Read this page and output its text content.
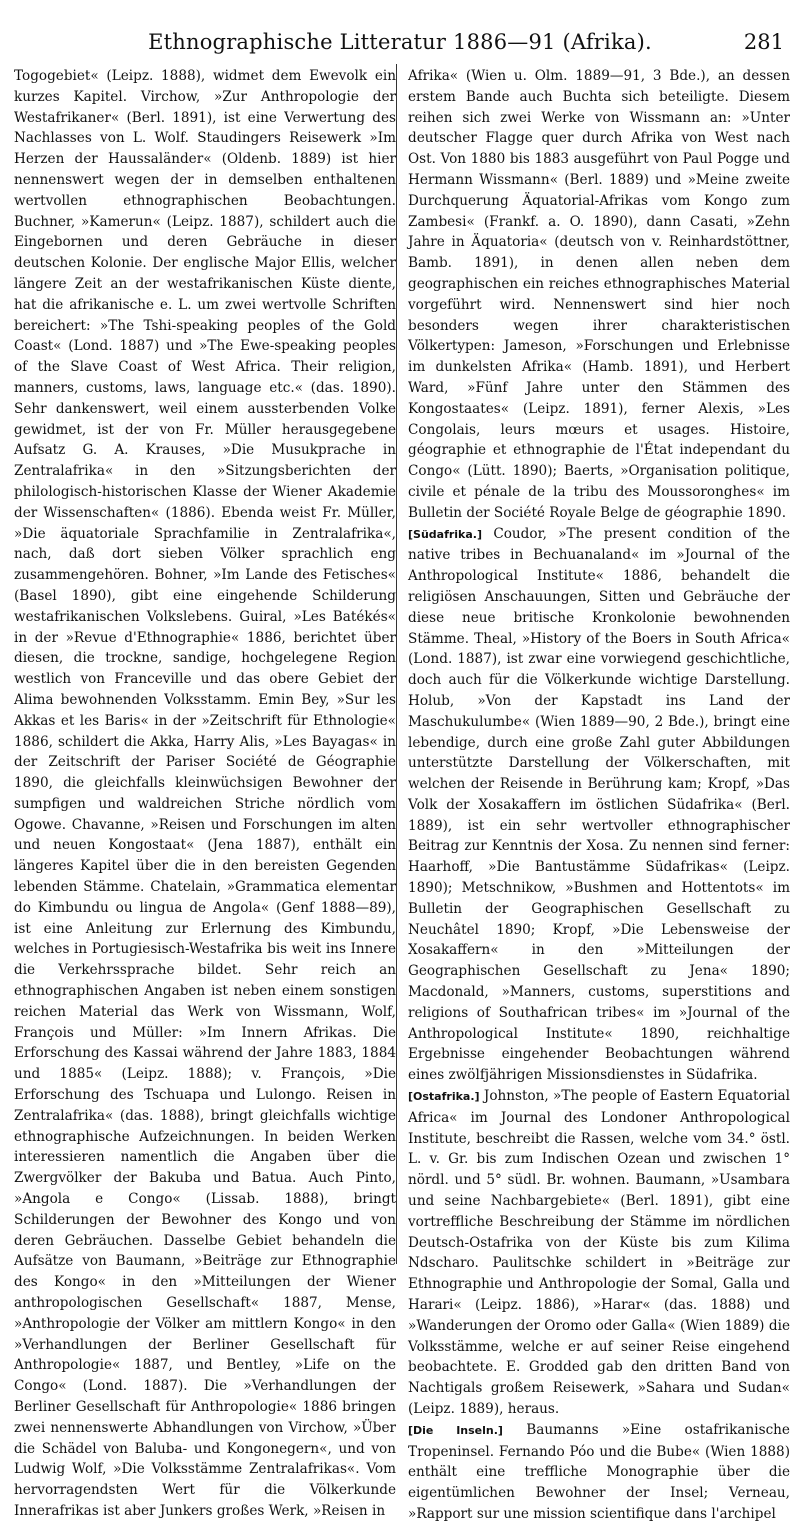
Ethnographische Litteratur 1886—91 (Afrika).	281

Togogebiet« (Leipz. 1888), widmet dem Ewevolk ein kurzes Kapitel. Virchow, »Zur Anthropologie der Westafrikaner« (Berl. 1891), ist eine Verwertung des Nachlasses von L. Wolf. Staudingers Reisewerk »Im Herzen der Haussaländer« (Oldenb. 1889) ist hier nennenswert wegen der in demselben enthaltenen wertvollen ethnographischen Beobachtungen. Buchner, »Kamerun« (Leipz. 1887), schildert auch die Eingebornen und deren Gebräuche in dieser deutschen Kolonie. Der englische Major Ellis, welcher längere Zeit an der westafrikanischen Küste diente, hat die afrikanische e. L. um zwei wertvolle Schriften bereichert: »The Tshi-speaking peoples of the Gold Coast« (Lond. 1887) und »The Ewe-speaking peoples of the Slave Coast of West Africa. Their religion, manners, customs, laws, language etc.« (das. 1890). Sehr dankenswert, weil einem aussterbenden Volke gewidmet, ist der von Fr. Müller herausgegebene Aufsatz G. A. Krauses, »Die Musukprache in Zentralafrika« in den »Sitzungsberichten der philologisch-historischen Klasse der Wiener Akademie der Wissenschaften« (1886). Ebenda weist Fr. Müller, »Die äquatoriale Sprachfamilie in Zentralafrika«, nach, daß dort sieben Völker sprachlich eng zusammengehören. Bohner, »Im Lande des Fetisches« (Basel 1890), gibt eine eingehende Schilderung westafrikanischen Volkslebens. Guiral, »Les Batékés« in der »Revue d'Ethnographie« 1886, berichtet über diesen, die trockne, sandige, hochgelegene Region westlich von Franceville und das obere Gebiet der Alima bewohnenden Volksstamm. Emin Bey, »Sur les Akkas et les Baris« in der »Zeitschrift für Ethnologie« 1886, schildert die Akka, Harry Alis, »Les Bayagas« in der Zeitschrift der Pariser Société de Géographie 1890, die gleichfalls kleinwüchsigen Bewohner der sumpfigen und waldreichen Striche nördlich vom Ogowe. Chavanne, »Reisen und Forschungen im alten und neuen Kongostaat« (Jena 1887), enthält ein längeres Kapitel über die in den bereisten Gegenden lebenden Stämme. Chatelain, »Grammatica elementar do Kimbundu ou lingua de Angola« (Genf 1888—89), ist eine Anleitung zur Erlernung des Kimbundu, welches in Portugiesisch-Westafrika bis weit ins Innere die Verkehrssprache bildet. Sehr reich an ethnographischen Angaben ist neben einem sonstigen reichen Material das Werk von Wissmann, Wolf, François und Müller: »Im Innern Afrikas. Die Erforschung des Kassai während der Jahre 1883, 1884 und 1885« (Leipz. 1888); v. François, »Die Erforschung des Tschuapa und Lulongo. Reisen in Zentralafrika« (das. 1888), bringt gleichfalls wichtige ethnographische Aufzeichnungen. In beiden Werken interessieren namentlich die Angaben über die Zwergvölker der Bakuba und Batua. Auch Pinto, »Angola e Congo« (Lissab. 1888), bringt Schilderungen der Bewohner des Kongo und von deren Gebräuchen. Dasselbe Gebiet behandeln die Aufsätze von Baumann, »Beiträge zur Ethnographie des Kongo« in den »Mitteilungen der Wiener anthropologischen Gesellschaft« 1887, Mense, »Anthropologie der Völker am mittlern Kongo« in den »Verhandlungen der Berliner Gesellschaft für Anthropologie« 1887, und Bentley, »Life on the Congo« (Lond. 1887). Die »Verhandlungen der Berliner Gesellschaft für Anthropologie« 1886 bringen zwei nennenswerte Abhandlungen von Virchow, »Über die Schädel von Baluba- und Kongonegern«, und von Ludwig Wolf, »Die Volksstämme Zentralafrikas«. Vom hervorragendsten Wert für die Völkerkunde Innerafrikas ist aber Junkers großes Werk, »Reisen in

Afrika« (Wien u. Olm. 1889—91, 3 Bde.), an dessen erstem Bande auch Buchta sich beteiligte. Diesem reihen sich zwei Werke von Wissmann an: »Unter deutscher Flagge quer durch Afrika von West nach Ost. Von 1880 bis 1883 ausgeführt von Paul Pogge und Hermann Wissmann« (Berl. 1889) und »Meine zweite Durchquerung Äquatorial-Afrikas vom Kongo zum Zambesi« (Frankf. a. O. 1890), dann Casati, »Zehn Jahre in Äquatoria« (deutsch von v. Reinhardstöttner, Bamb. 1891), in denen allen neben dem geographischen ein reiches ethnographisches Material vorgeführt wird. Nennenswert sind hier noch besonders wegen ihrer charakteristischen Völkertypen: Jameson, »Forschungen und Erlebnisse im dunkelsten Afrika« (Hamb. 1891), und Herbert Ward, »Fünf Jahre unter den Stämmen des Kongostaates« (Leipz. 1891), ferner Alexis, »Les Congolais, leurs mœurs et usages. Histoire, géographie et ethnographie de l'État independant du Congo« (Lütt. 1890); Baerts, »Organisation politique, civile et pénale de la tribu des Moussoronghes« im Bulletin der Société Royale Belge de géographie 1890.

[Südafrika.] Coudor, »The present condition of the native tribes in Bechuanaland« im »Journal of the Anthropological Institute« 1886, behandelt die religiösen Anschauungen, Sitten und Gebräuche der diese neue britische Kronkolonie bewohnenden Stämme. Theal, »History of the Boers in South Africa« (Lond. 1887), ist zwar eine vorwiegend geschichtliche, doch auch für die Völkerkunde wichtige Darstellung. Holub, »Von der Kapstadt ins Land der Maschukulumbe« (Wien 1889—90, 2 Bde.), bringt eine lebendige, durch eine große Zahl guter Abbildungen unterstützte Darstellung der Völkerschaften, mit welchen der Reisende in Berührung kam; Kropf, »Das Volk der Xosakaffern im östlichen Südafrika« (Berl. 1889), ist ein sehr wertvoller ethnographischer Beitrag zur Kenntnis der Xosa. Zu nennen sind ferner: Haarhoff, »Die Bantustämme Südafrikas« (Leipz. 1890); Metschnikow, »Bushmen and Hottentots« im Bulletin der Geographischen Gesellschaft zu Neuchâtel 1890; Kropf, »Die Lebensweise der Xosakaffern« in den »Mitteilungen der Geographischen Gesellschaft zu Jena« 1890; Macdonald, »Manners, customs, superstitions and religions of Southafrican tribes« im »Journal of the Anthropological Institute« 1890, reichhaltige Ergebnisse eingehender Beobachtungen während eines zwölfjährigen Missionsdienstes in Südafrika.

[Ostafrika.] Johnston, »The people of Eastern Equatorial Africa« im Journal des Londoner Anthropological Institute, beschreibt die Rassen, welche vom 34.° östl. L. v. Gr. bis zum Indischen Ozean und zwischen 1° nördl. und 5° südl. Br. wohnen. Baumann, »Usambara und seine Nachbargebiete« (Berl. 1891), gibt eine vortreffliche Beschreibung der Stämme im nördlichen Deutsch-Ostafrika von der Küste bis zum Kilima Ndscharo. Paulitschke schildert in »Beiträge zur Ethnographie und Anthropologie der Somal, Galla und Harari« (Leipz. 1886), »Harar« (das. 1888) und »Wanderungen der Oromo oder Galla« (Wien 1889) die Volksstämme, welche er auf seiner Reise eingehend beobachtete. E. Grodded gab den dritten Band von Nachtigals großem Reisewerk, »Sahara und Sudan« (Leipz. 1889), heraus.

[Die Inseln.] Baumanns »Eine ostafrikanische Tropeninsel. Fernando Póo und die Bube« (Wien 1888) enthält eine treffliche Monographie über die eigentümlichen Bewohner der Insel; Verneau, »Rapport sur une mission scientifique dans l'archipel
